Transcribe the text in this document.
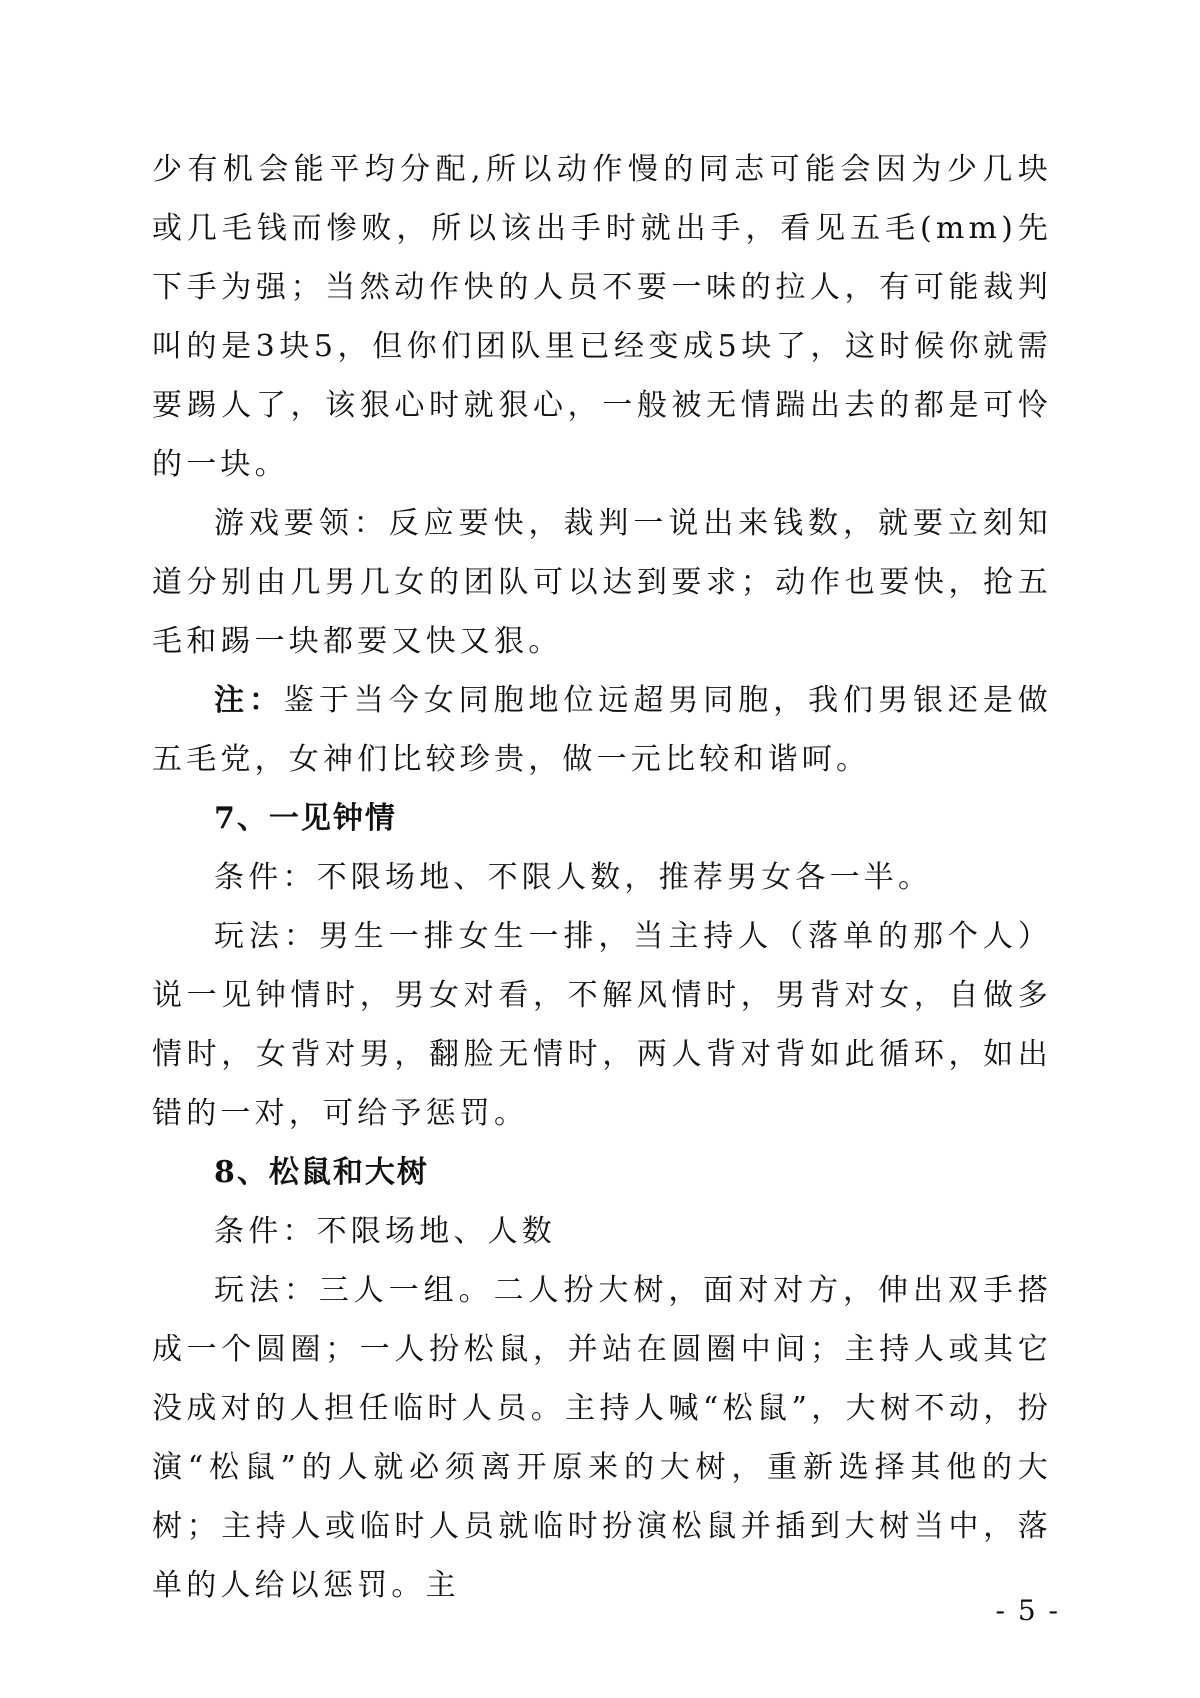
少有机会能平均分配,所以动作慢的同志可能会因为少几块或几毛钱而惨败，所以该出手时就出手，看见五毛(mm)先下手为强；当然动作快的人员不要一味的拉人，有可能裁判叫的是3块5，但你们团队里已经变成5块了，这时候你就需要踢人了，该狠心时就狠心，一般被无情踹出去的都是可怜的一块。

游戏要领：反应要快，裁判一说出来钱数，就要立刻知道分别由几男几女的团队可以达到要求；动作也要快，抢五毛和踢一块都要又快又狠。

注：鉴于当今女同胞地位远超男同胞，我们男银还是做五毛党，女神们比较珍贵，做一元比较和谐呵。

7、一见钟情

条件：不限场地、不限人数，推荐男女各一半。

玩法：男生一排女生一排，当主持人（落单的那个人）说一见钟情时，男女对看，不解风情时，男背对女，自做多情时，女背对男，翻脸无情时，两人背对背如此循环，如出错的一对，可给予惩罚。

8、松鼠和大树

条件：不限场地、人数

玩法：三人一组。二人扮大树，面对对方，伸出双手搭成一个圆圈；一人扮松鼠，并站在圆圈中间；主持人或其它没成对的人担任临时人员。主持人喊“松鼠”，大树不动，扮演“松鼠”的人就必须离开原来的大树，重新选择其他的大树；主持人或临时人员就临时扮演松鼠并插到大树当中，落单的人给以惩罚。主

- 5 -
